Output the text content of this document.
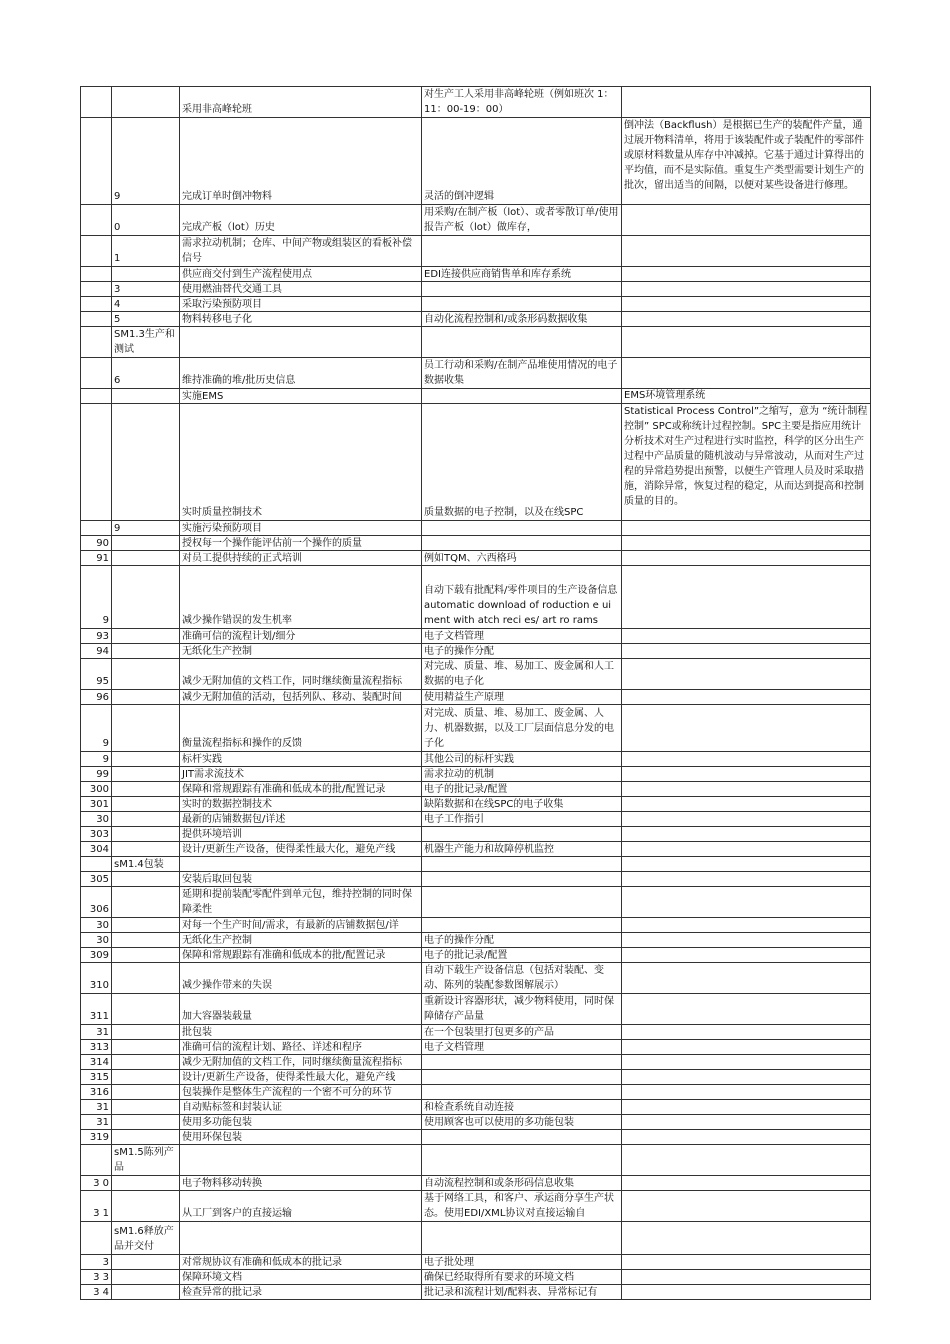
		采用非高峰轮班	对生产工人采用非高峰轮班（例如班次 1：11：00-19：00）	
	9	完成订单时倒冲物料	灵活的倒冲逻辑	倒冲法（Backflush）是根据已生产的装配件产量，通过展开物料清单，将用于该装配件或子装配件的零部件或原材料数量从库存中冲减掉。它基于通过计算得出的平均值，而不是实际值。重复生产类型需要计划生产的批次，留出适当的间隔，以便对某些设备进行修理。
	0	完成产板（lot）历史	用采购/在制产板（lot）、或者零散订单/使用报告产板（lot）做库存，	
	1	需求拉动机制；仓库、中间产物或组装区的看板补偿信号		
		供应商交付到生产流程使用点	EDI连接供应商销售单和库存系统	
	3	使用燃油替代交通工具		
	4	采取污染预防项目		
	5	物料转移电子化	自动化流程控制和/或条形码数据收集	
	SM1.3生产和测试			
	6	维持准确的堆/批历史信息	员工行动和采购/在制产品堆使用情况的电子数据收集	
		实施EMS		EMS环境管理系统
		实时质量控制技术	质量数据的电子控制，以及在线SPC	Statistical Process Control”之缩写，意为 “统计制程控制” SPC或称统计过程控制。SPC主要是指应用统计分析技术对生产过程进行实时监控，科学的区分出生产过程中产品质量的随机波动与异常波动，从而对生产过程的异常趋势提出预警，以便生产管理人员及时采取措施，消除异常，恢复过程的稳定，从而达到提高和控制质量的目的。
	9	实施污染预防项目		
90		授权每一个操作能评估前一个操作的质量		
91		对员工提供持续的正式培训	例如TQM、六西格玛	
9		减少操作错误的发生机率	自动下载有批配料/零件项目的生产设备信息automatic download of roduction e ui ment with atch reci es/ art ro rams	
93		准确可信的流程计划/细分	电子文档管理	
94		无纸化生产控制	电子的操作分配	
95		减少无附加值的文档工作，同时继续衡量流程指标	对完成、质量、堆、易加工、废金属和人工数据的电子化	
96		减少无附加值的活动，包括列队、移动、装配时间	使用精益生产原理	
9		衡量流程指标和操作的反馈	对完成、质量、堆、易加工、废金属、人力、机器数据，以及工厂层面信息分发的电子化	
9		标杆实践	其他公司的标杆实践	
99		JIT需求流技术	需求拉动的机制	
300		保障和常规跟踪有准确和低成本的批/配置记录	电子的批记录/配置	
301		实时的数据控制技术	缺陷数据和在线SPC的电子收集	
30		最新的店铺数据包/详述	电子工作指引	
303		提供环境培训		
304		设计/更新生产设备，使得柔性最大化，避免产线	机器生产能力和故障停机监控	
	sM1.4包装			
305		安装后取回包装		
306		延期和提前装配零配件到单元包，维持控制的同时保障柔性		
30		对每一个生产时间/需求，有最新的店铺数据包/详		
30		无纸化生产控制	电子的操作分配	
309		保障和常规跟踪有准确和低成本的批/配置记录	电子的批记录/配置	
310		减少操作带来的失误	自动下载生产设备信息（包括对装配、变动、陈列的装配参数图解展示）	
311		加大容器装载量	重新设计容器形状，减少物料使用，同时保障储存产品量	
31		批包装	在一个包装里打包更多的产品	
313		准确可信的流程计划、路径、详述和程序	电子文档管理	
314		减少无附加值的文档工作，同时继续衡量流程指标		
315		设计/更新生产设备，使得柔性最大化，避免产线		
316		包装操作是整体生产流程的一个密不可分的环节		
31		自动贴标签和封装认证	和检查系统自动连接	
31		使用多功能包装	使用顾客也可以使用的多功能包装	
319		使用环保包装		
	sM1.5陈列产品			
3 0		电子物料移动转换	自动流程控制和或条形码信息收集	
3 1		从工厂到客户的直接运输	基于网络工具，和客户、承运商分享生产状态。使用EDI/XML协议对直接运输自	
	sM1.6释放产品并交付			
3		对常规协议有准确和低成本的批记录	电子批处理	
3 3		保障环境文档	确保已经取得所有要求的环境文档	
3 4		检查异常的批记录	批记录和流程计划/配料表、异常标记有	
